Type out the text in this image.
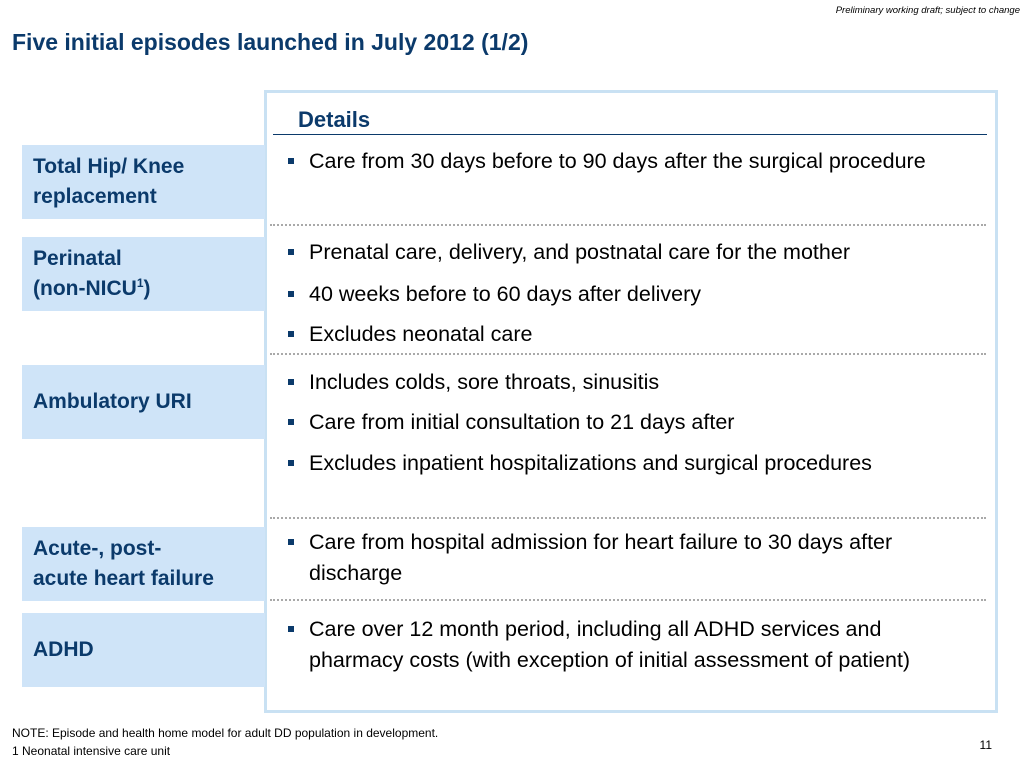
Preliminary working draft; subject to change
Five initial episodes launched in July 2012 (1/2)
Details
Total Hip/ Knee
replacement
Care from 30 days before to 90 days after the surgical procedure
Perinatal
(non-NICU$^1$)
Prenatal care, delivery, and postnatal care for the mother
40 weeks before to 60 days after delivery
Excludes neonatal care
Ambulatory URI
Includes colds, sore throats, sinusitis
Care from initial consultation to 21 days after
Excludes inpatient hospitalizations and surgical procedures
Acute-, post-
acute heart failure
Care from hospital admission for heart failure to 30 days after discharge
ADHD
Care over 12 month period, including all ADHD services and pharmacy costs (with exception of initial assessment of patient)
NOTE: Episode and health home model for adult DD population in development.
1 Neonatal intensive care unit	11
